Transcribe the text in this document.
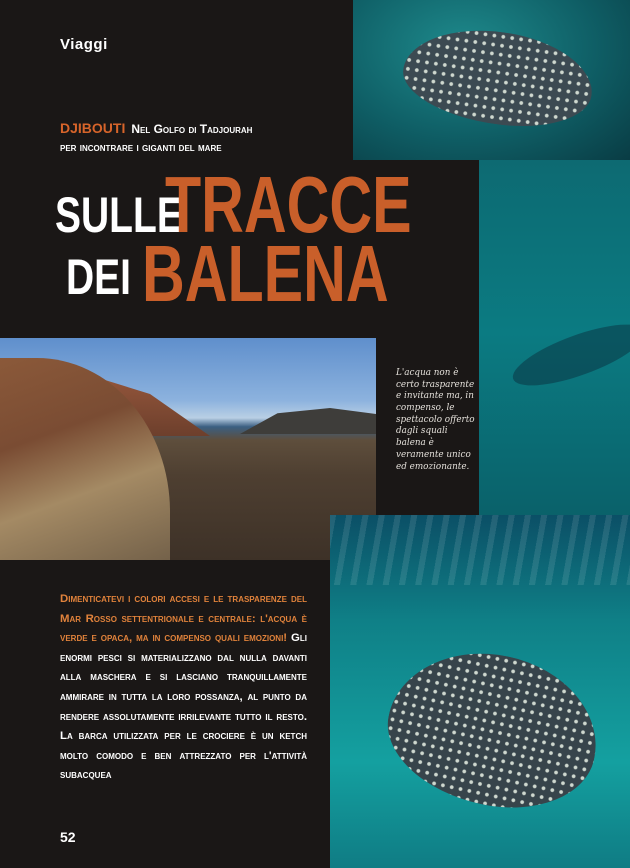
Viaggi

DJIBOUTI Nel Golfo di Tadjourah
per incontrare i giganti del mare

SULLE
TRACCE
DEI BALENA

L'acqua non è certo trasparente e invitante ma, in compenso, le spettacolo offerto dagli squali balena è veramente unico ed emozionante.

Dimenticatevi i colori accesi e le trasparenze del Mar Rosso settentrionale e centrale: l'acqua è verde e opaca, ma in compenso quali emozioni! Gli enormi pesci si materializzano dal nulla davanti alla maschera e si lasciano tranquillamente ammirare in tutta la loro possanza, al punto da rendere assolutamente irrilevante tutto il resto. La barca utilizzata per le crociere è un ketch molto comodo e ben attrezzato per l'attività subacquea

52
